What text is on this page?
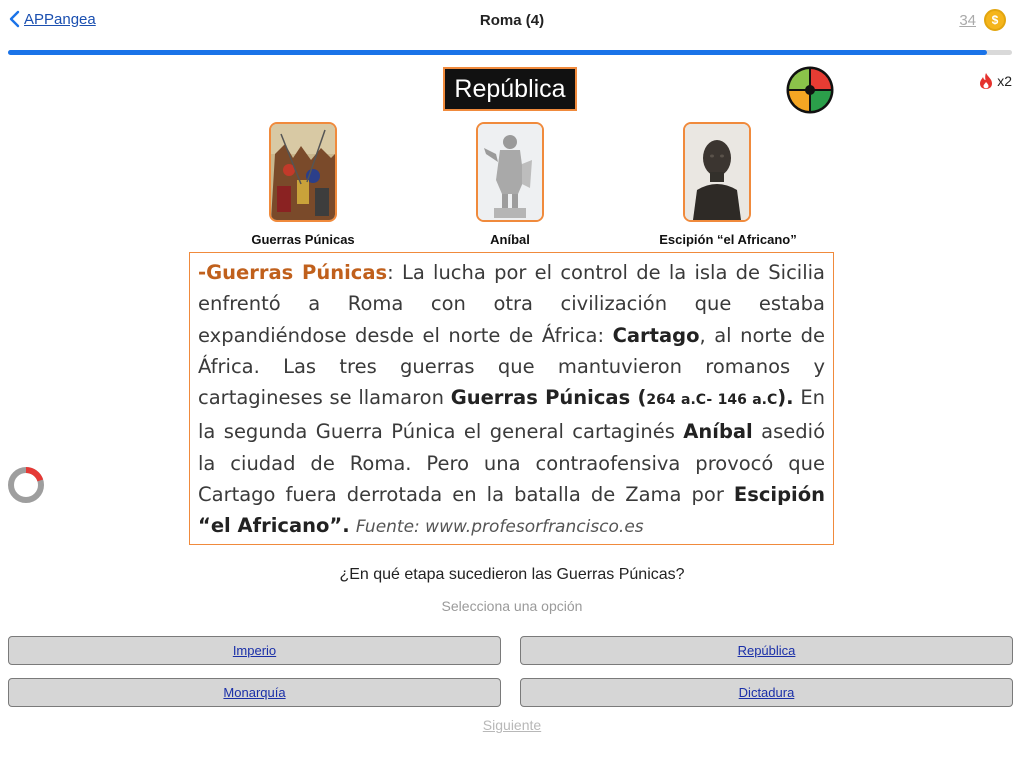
APPangea	Roma (4)	34	$
x2
República
Guerras Púnicas	Aníbal	Escipión “el Africano”
-Guerras Púnicas: La lucha por el control de la isla de Sicilia enfrentó a Roma con otra civilización que estaba expandiéndose desde el norte de África: Cartago, al norte de África. Las tres guerras que mantuvieron romanos y cartagineses se llamaron Guerras Púnicas (264 a.C- 146 a.C). En la segunda Guerra Púnica el general cartaginés Aníbal asedió la ciudad de Roma. Pero una contraofensiva provocó que Cartago fuera derrotada en la batalla de Zama por Escipión “el Africano”. Fuente: www.profesorfrancisco.es
¿En qué etapa sucedieron las Guerras Púnicas?
Selecciona una opción
Imperio	República
Monarquía	Dictadura
Siguiente
